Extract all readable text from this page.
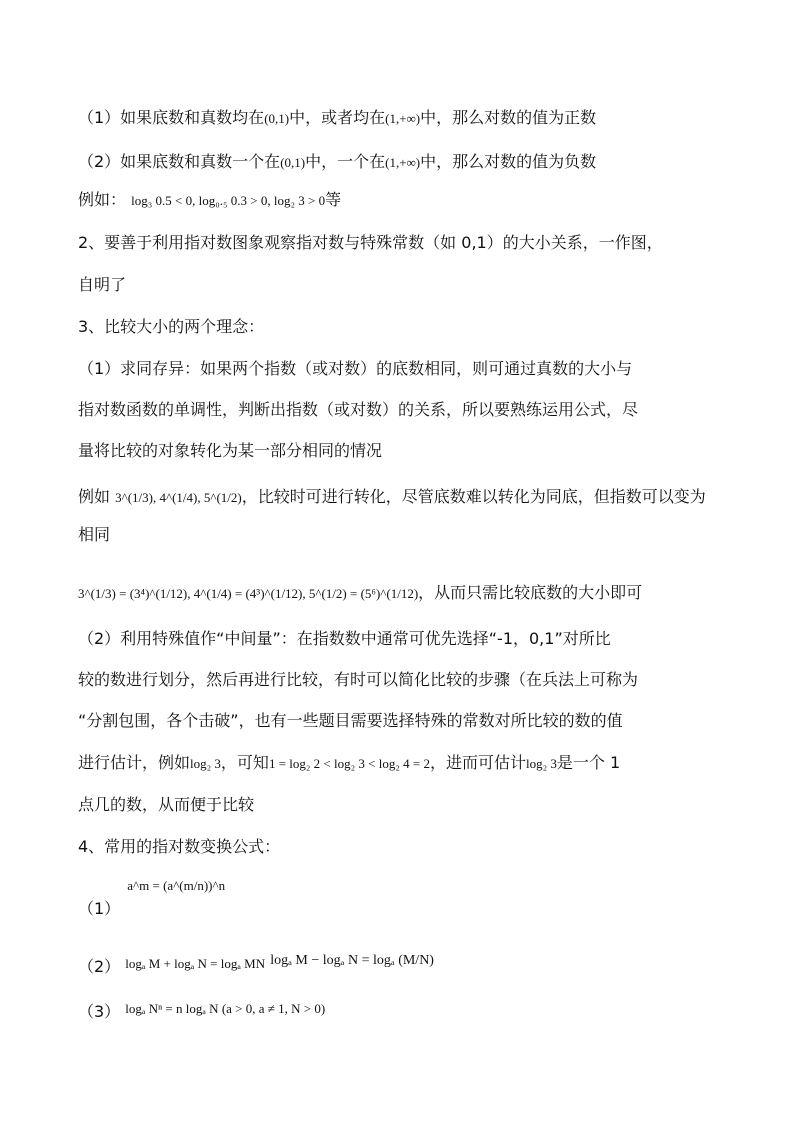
（1）如果底数和真数均在(0,1)中，或者均在(1,+∞)中，那么对数的值为正数
（2）如果底数和真数一个在(0,1)中，一个在(1,+∞)中，那么对数的值为负数
例如： log₃ 0.5 < 0, log₀.₅ 0.3 > 0, log₂ 3 > 0等
2、要善于利用指对数图象观察指对数与特殊常数（如 0,1）的大小关系，一作图，
自明了
3、比较大小的两个理念：
（1）求同存异：如果两个指数（或对数）的底数相同，则可通过真数的大小与
指对数函数的单调性，判断出指数（或对数）的关系，所以要熟练运用公式，尽
量将比较的对象转化为某一部分相同的情况
例如 3^(1/3), 4^(1/4), 5^(1/2)，比较时可进行转化，尽管底数难以转化为同底，但指数可以变为
相同
3^(1/3) = (3⁴)^(1/12), 4^(1/4) = (4³)^(1/12), 5^(1/2) = (5⁶)^(1/12)，从而只需比较底数的大小即可
（2）利用特殊值作“中间量”：在指数数中通常可优先选择“-1，0,1”对所比
较的数进行划分，然后再进行比较，有时可以简化比较的步骤（在兵法上可称为
“分割包围，各个击破”，也有一些题目需要选择特殊的常数对所比较的数的值
进行估计，例如log₂ 3，可知1 = log₂ 2 < log₂ 3 < log₂ 4 = 2，进而可估计log₂ 3是一个 1
点几的数，从而便于比较
4、常用的指对数变换公式：
（1） $^{a\^{}m = (a\^{}(m/n))\^{}n}$
（2） $^{log_a M + log_a N = log_a MN}$ logₐ M − logₐ N = logₐ (M/N)
（3） $^{log_a N^n = n log_a N (a > 0, a \ne 1, N > 0)}$
